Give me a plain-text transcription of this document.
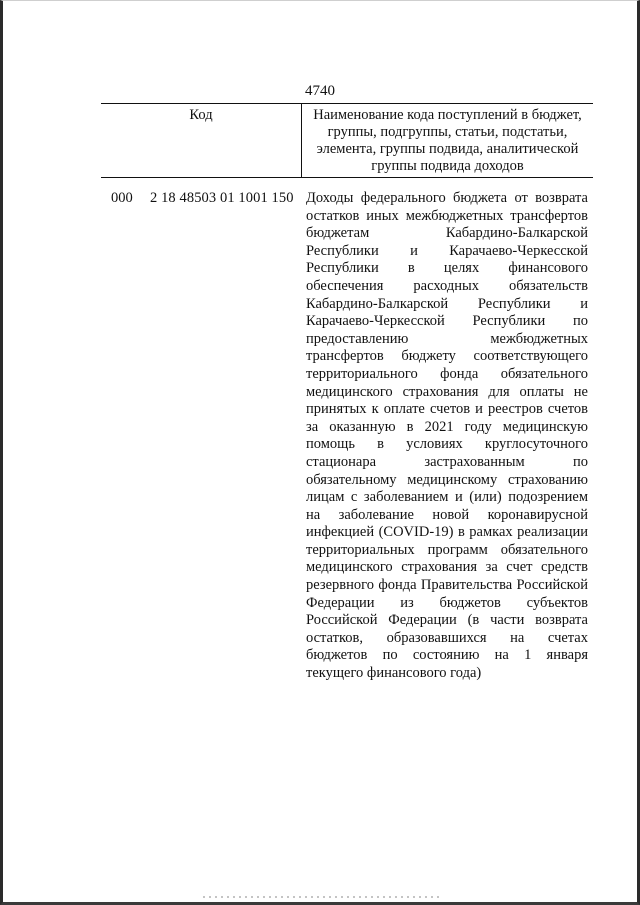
4740
Код	Наименование кода поступлений в бюджет, группы, подгруппы, статьи, подстатьи, элемента, группы подвида, аналитической группы подвида доходов
000 2 18 48503 01 1001 150 Доходы федерального бюджета от возврата остатков иных межбюджетных трансфертов бюджетам Кабардино-Балкарской Республики и Карачаево-Черкесской Республики в целях финансового обеспечения расходных обязательств Кабардино-Балкарской Республики и Карачаево-Черкесской Республики по предоставлению межбюджетных трансфертов бюджету соответствующего территориального фонда обязательного медицинского страхования для оплаты не принятых к оплате счетов и реестров счетов за оказанную в 2021 году медицинскую помощь в условиях круглосуточного стационара застрахованным по обязательному медицинскому страхованию лицам с заболеванием и (или) подозрением на заболевание новой коронавирусной инфекцией (COVID-19) в рамках реализации территориальных программ обязательного медицинского страхования за счет средств резервного фонда Правительства Российской Федерации из бюджетов субъектов Российской Федерации (в части возврата остатков, образовавшихся на счетах бюджетов по состоянию на 1 января текущего финансового года)
